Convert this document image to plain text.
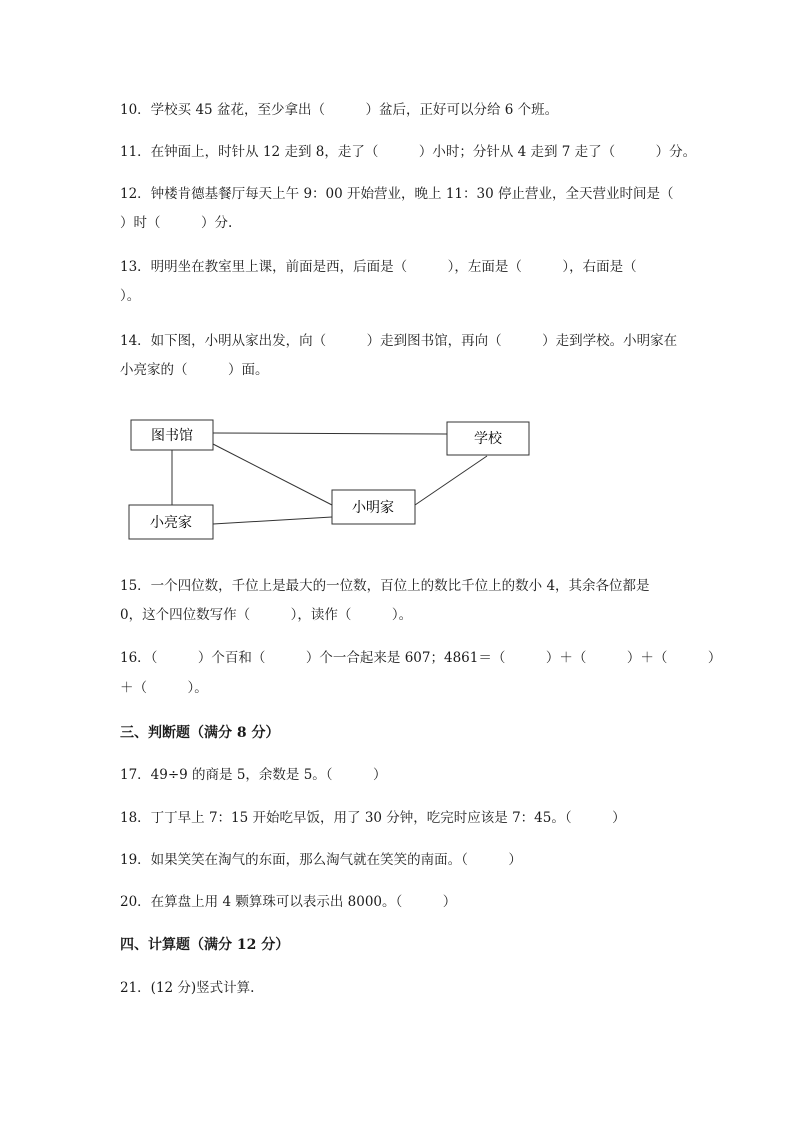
10．学校买 45 盆花，至少拿出（　　　）盆后，正好可以分给 6 个班。
11．在钟面上，时针从 12 走到 8，走了（　　　）小时；分针从 4 走到 7 走了（　　　）分。
12．钟楼肯德基餐厅每天上午 9：00 开始营业，晚上 11：30 停止营业，全天营业时间是（
）时（　　　）分.
13．明明坐在教室里上课，前面是西，后面是（　　　），左面是（　　　），右面是（
）。
14．如下图，小明从家出发，向（　　　）走到图书馆，再向（　　　）走到学校。小明家在
小亮家的（　　　）面。
图书馆	学校
小明家
小亮家
15．一个四位数，千位上是最大的一位数，百位上的数比千位上的数小 4，其余各位都是
0，这个四位数写作（　　　），读作（　　　）。
16．（　　　）个百和（　　　）个一合起来是 607；4861＝（　　　）＋（　　　）＋（　　　）
＋（　　　）。
三、判断题（满分 8 分）
17．49÷9 的商是 5，余数是 5。（　　　）
18．丁丁早上 7：15 开始吃早饭，用了 30 分钟，吃完时应该是 7：45。（　　　）
19．如果笑笑在淘气的东面，那么淘气就在笑笑的南面。（　　　）
20．在算盘上用 4 颗算珠可以表示出 8000。（　　　）
四、计算题（满分 12 分）
21．(12 分)竖式计算.
